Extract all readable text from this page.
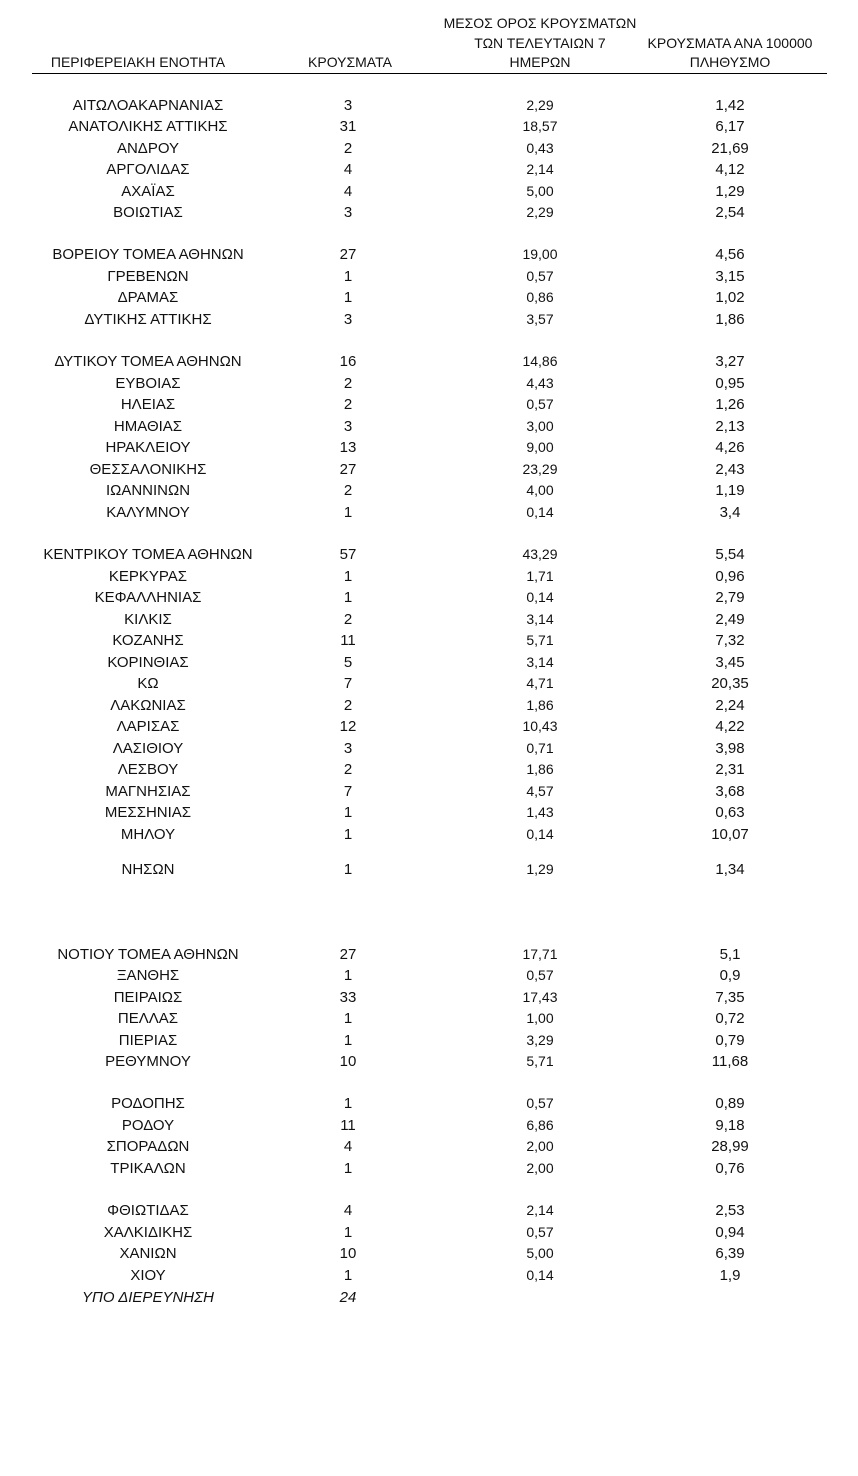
ΠΕΡΙΦΕΡΕΙΑΚΗ ΕΝΟΤΗΤΑ	ΚΡΟΥΣΜΑΤΑ
ΜΕΣΟΣ ΟΡΟΣ ΚΡΟΥΣΜΑΤΩΝ
ΤΩΝ ΤΕΛΕΥΤΑΙΩΝ 7
ΗΜΕΡΩΝ
ΚΡΟΥΣΜΑΤΑ ΑΝΑ 100000
ΠΛΗΘΥΣΜΟ
ΑΙΤΩΛΟΑΚΑΡΝΑΝΙΑΣ	3	2,29	1,42
ΑΝΑΤΟΛΙΚΗΣ ΑΤΤΙΚΗΣ	31	18,57	6,17
ΑΝΔΡΟΥ	2	0,43	21,69
ΑΡΓΟΛΙΔΑΣ	4	2,14	4,12
ΑΧΑΪΑΣ	4	5,00	1,29
ΒΟΙΩΤΙΑΣ	3	2,29	2,54
ΒΟΡΕΙΟΥ ΤΟΜΕΑ ΑΘΗΝΩΝ	27	19,00	4,56
ΓΡΕΒΕΝΩΝ	1	0,57	3,15
ΔΡΑΜΑΣ	1	0,86	1,02
ΔΥΤΙΚΗΣ ΑΤΤΙΚΗΣ	3	3,57	1,86
ΔΥΤΙΚΟΥ ΤΟΜΕΑ ΑΘΗΝΩΝ	16	14,86	3,27
ΕΥΒΟΙΑΣ	2	4,43	0,95
ΗΛΕΙΑΣ	2	0,57	1,26
ΗΜΑΘΙΑΣ	3	3,00	2,13
ΗΡΑΚΛΕΙΟΥ	13	9,00	4,26
ΘΕΣΣΑΛΟΝΙΚΗΣ	27	23,29	2,43
ΙΩΑΝΝΙΝΩΝ	2	4,00	1,19
ΚΑΛΥΜΝΟΥ	1	0,14	3,4
ΚΕΝΤΡΙΚΟΥ ΤΟΜΕΑ ΑΘΗΝΩΝ	57	43,29	5,54
ΚΕΡΚΥΡΑΣ	1	1,71	0,96
ΚΕΦΑΛΛΗΝΙΑΣ	1	0,14	2,79
ΚΙΛΚΙΣ	2	3,14	2,49
ΚΟΖΑΝΗΣ	11	5,71	7,32
ΚΟΡΙΝΘΙΑΣ	5	3,14	3,45
ΚΩ	7	4,71	20,35
ΛΑΚΩΝΙΑΣ	2	1,86	2,24
ΛΑΡΙΣΑΣ	12	10,43	4,22
ΛΑΣΙΘΙΟΥ	3	0,71	3,98
ΛΕΣΒΟΥ	2	1,86	2,31
ΜΑΓΝΗΣΙΑΣ	7	4,57	3,68
ΜΕΣΣΗΝΙΑΣ	1	1,43	0,63
ΜΗΛΟΥ	1	0,14	10,07
ΝΗΣΩΝ	1	1,29	1,34
ΝΟΤΙΟΥ ΤΟΜΕΑ ΑΘΗΝΩΝ	27	17,71	5,1
ΞΑΝΘΗΣ	1	0,57	0,9
ΠΕΙΡΑΙΩΣ	33	17,43	7,35
ΠΕΛΛΑΣ	1	1,00	0,72
ΠΙΕΡΙΑΣ	1	3,29	0,79
ΡΕΘΥΜΝΟΥ	10	5,71	11,68
ΡΟΔΟΠΗΣ	1	0,57	0,89
ΡΟΔΟΥ	11	6,86	9,18
ΣΠΟΡΑΔΩΝ	4	2,00	28,99
ΤΡΙΚΑΛΩΝ	1	2,00	0,76
ΦΘΙΩΤΙΔΑΣ	4	2,14	2,53
ΧΑΛΚΙΔΙΚΗΣ	1	0,57	0,94
ΧΑΝΙΩΝ	10	5,00	6,39
ΧΙΟΥ	1	0,14	1,9
ΥΠΟ ΔΙΕΡΕΥΝΗΣΗ	24
